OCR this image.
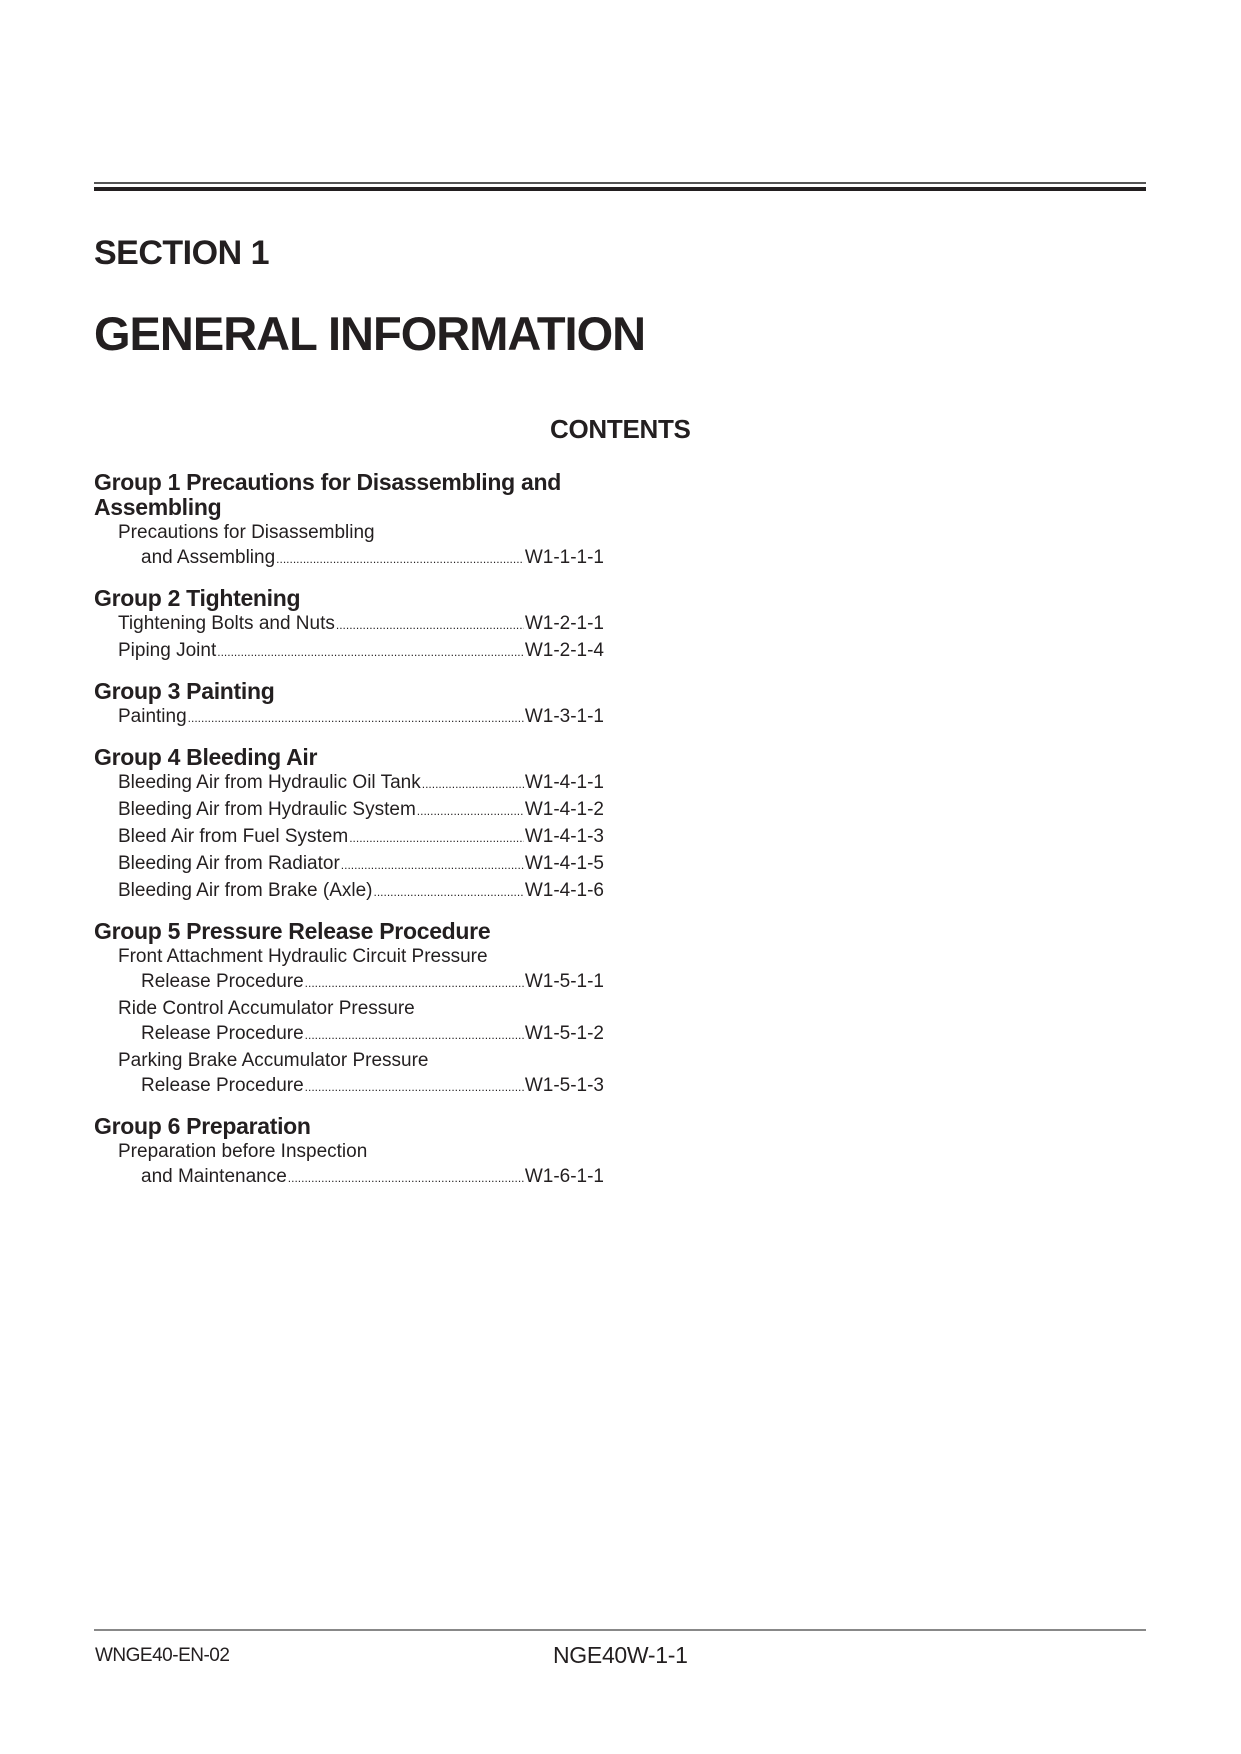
SECTION 1
GENERAL INFORMATION
CONTENTS
Group 1 Precautions for Disassembling and
Assembling
Precautions for Disassembling
and Assembling .....	W1-1-1-1
Group 2 Tightening
Tightening Bolts and Nuts .....	W1-2-1-1
Piping Joint .....	W1-2-1-4
Group 3 Painting
Painting .....	W1-3-1-1
Group 4 Bleeding Air
Bleeding Air from Hydraulic Oil Tank .....	W1-4-1-1
Bleeding Air from Hydraulic System .....	W1-4-1-2
Bleed Air from Fuel System .....	W1-4-1-3
Bleeding Air from Radiator .....	W1-4-1-5
Bleeding Air from Brake (Axle) .....	W1-4-1-6
Group 5 Pressure Release Procedure
Front Attachment Hydraulic Circuit Pressure
Release Procedure .....	W1-5-1-1
Ride Control Accumulator Pressure
Release Procedure .....	W1-5-1-2
Parking Brake Accumulator Pressure
Release Procedure .....	W1-5-1-3
Group 6 Preparation
Preparation before Inspection
and Maintenance .....	W1-6-1-1
WNGE40-EN-02	NGE40W-1-1
